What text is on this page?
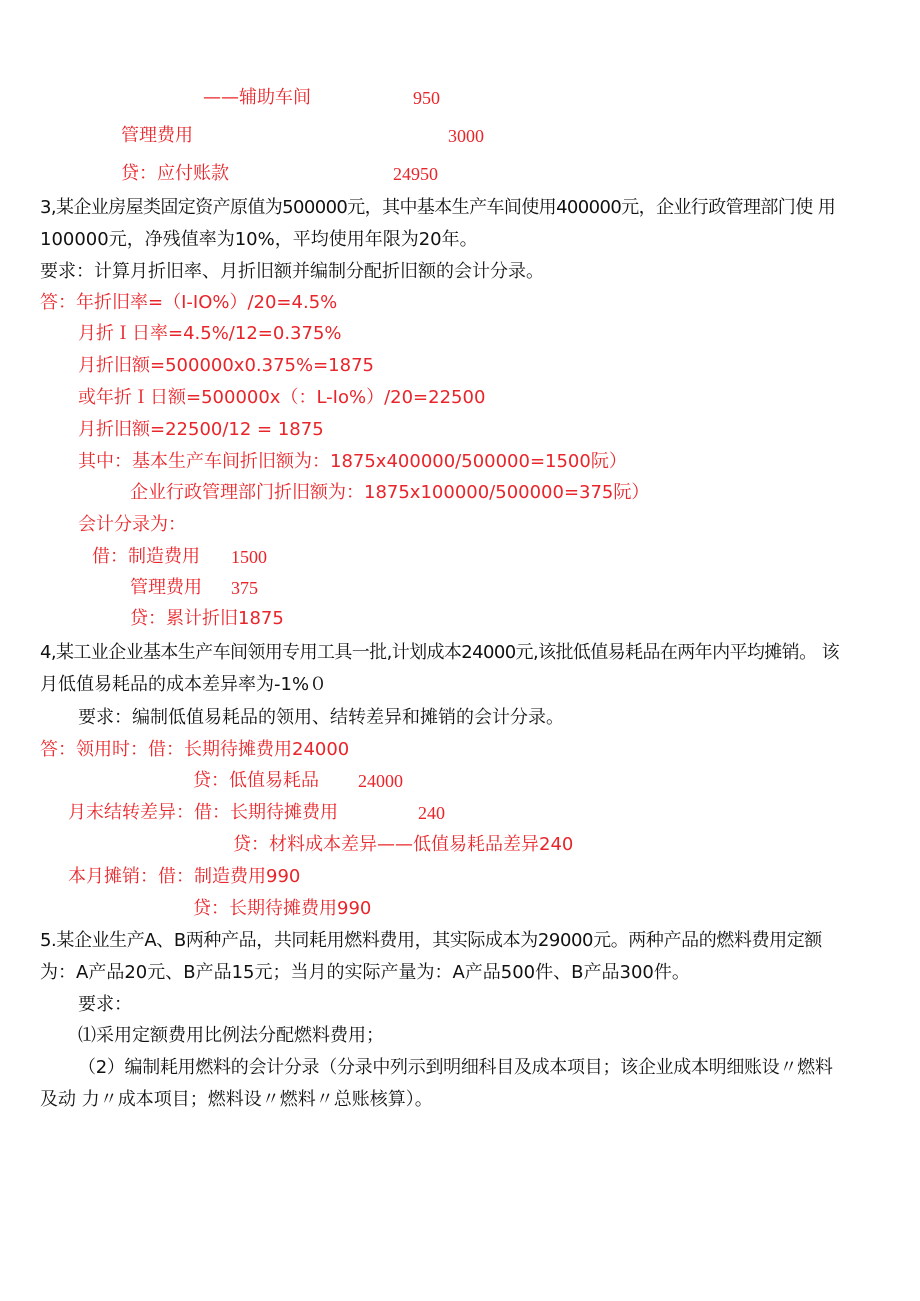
——辅助车间	950
管理费用	3000
贷：应付账款	24950
3,某企业房屋类固定资产原值为500000元，其中基本生产车间使用400000元，企业行政管理部门使 用
100000元，净残值率为10%，平均使用年限为20年。
要求：计算月折旧率、月折旧额并编制分配折旧额的会计分录。
答：年折旧率=（I-IO%）/20=4.5%
月折Ｉ日率=4.5%/12=0.375%
月折旧额=500000x0.375%=1875
或年折Ｉ日额=500000x（：L-Io%）/20=22500
月折旧额=22500/12 = 1875
其中：基本生产车间折旧额为：1875x400000/500000=1500阮）
企业行政管理部门折旧额为：1875x100000/500000=375阮）
会计分录为：
借：制造费用 1500
管理费用 375
贷：累计折旧1875
4,某工业企业基本生产车间领用专用工具一批,计划成本24000元,该批低值易耗品在两年内平均摊销。 该
月低值易耗品的成本差异率为-1%０
要求：编制低值易耗品的领用、结转差异和摊销的会计分录。
答：领用时：借：长期待摊费用24000
贷：低值易耗品 24000
月末结转差异：借：长期待摊费用	240
贷：材料成本差异——低值易耗品差异240
本月摊销：借：制造费用990
贷：长期待摊费用990
5.某企业生产A、B两种产品，共同耗用燃料费用，其实际成本为29000元。两种产品的燃料费用定额
为：A产品20元、B产品15元；当月的实际产量为：A产品500件、B产品300件。
要求：
⑴采用定额费用比例法分配燃料费用；
（2）编制耗用燃料的会计分录（分录中列示到明细科目及成本项目；该企业成本明细账设〃燃料
及动 力〃成本项目；燃料设〃燃料〃总账核算）。
